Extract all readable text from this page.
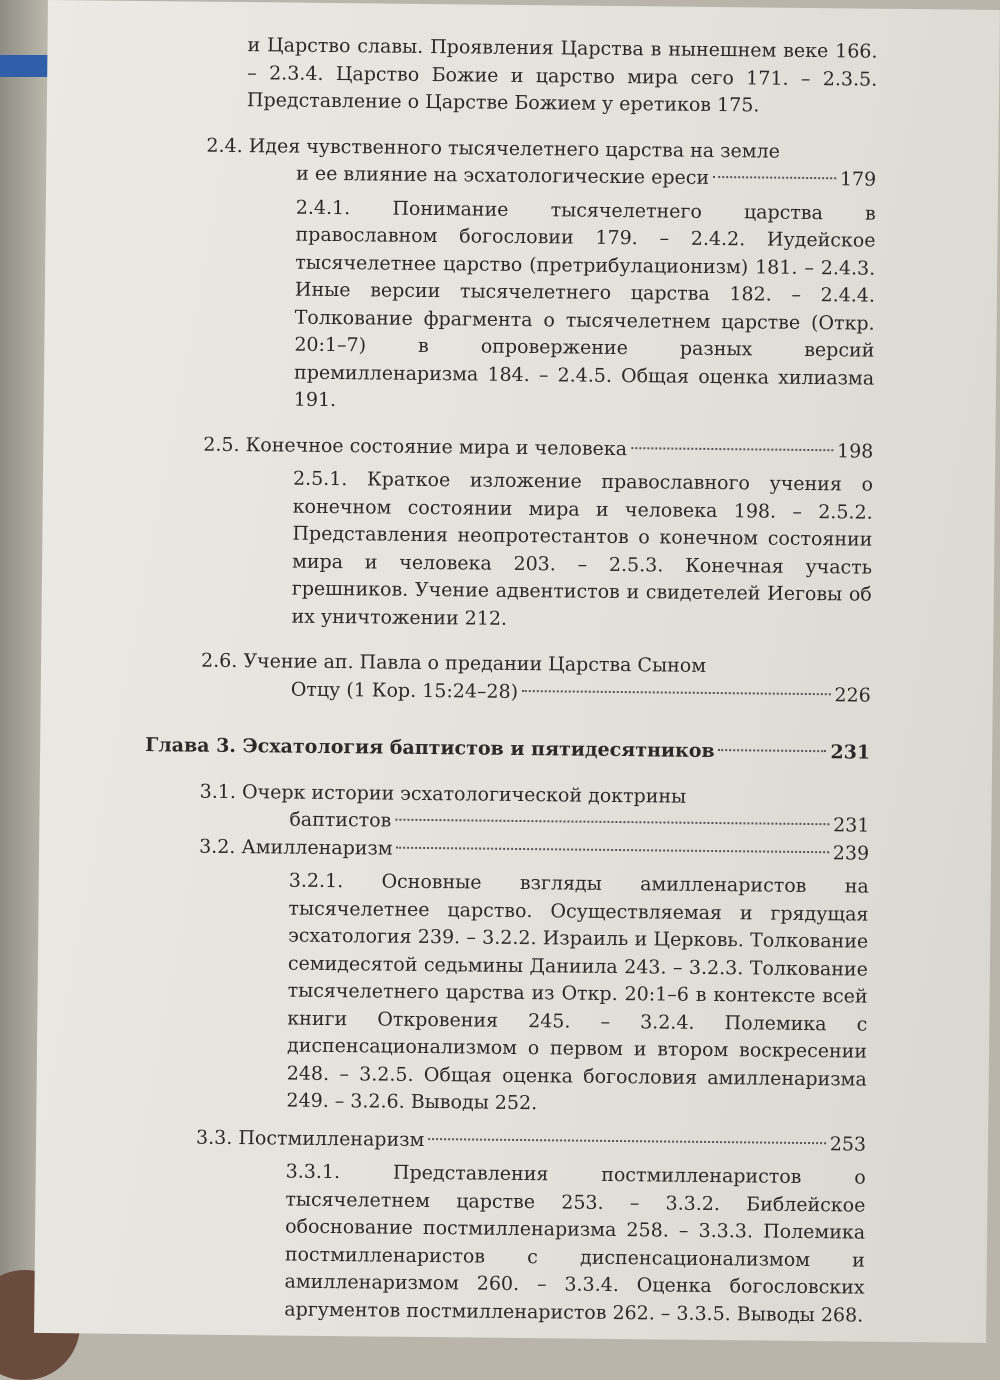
и Царство славы. Проявления Царства в нынешнем веке 166. – 2.3.4. Царство Божие и царство мира сего 171. – 2.3.5. Представление о Царстве Божием у еретиков 175.

2.4. Идея чувственного тысячелетнего царства на земле
и ее влияние на эсхатологические ереси	179

2.4.1. Понимание тысячелетнего царства в православном богословии 179. – 2.4.2. Иудейское тысячелетнее царство (претрибулационизм) 181. – 2.4.3. Иные версии тысячелетнего царства 182. – 2.4.4. Толкование фрагмента о тысячелетнем царстве (Откр. 20:1–7) в опровержение разных версий премилленаризма 184. – 2.4.5. Общая оценка хилиазма 191.

2.5. Конечное состояние мира и человека	198

2.5.1. Краткое изложение православного учения о конечном состоянии мира и человека 198. – 2.5.2. Представления неопротестантов о конечном состоянии мира и человека 203. – 2.5.3. Конечная участь грешников. Учение адвентистов и свидетелей Иеговы об их уничтожении 212.

2.6. Учение ап. Павла о предании Царства Сыном
Отцу (1 Кор. 15:24–28)	226
Глава 3. Эсхатология баптистов и пятидесятников	231
3.1. Очерк истории эсхатологической доктрины
баптистов	231
3.2. Амилленаризм	239

3.2.1. Основные взгляды амилленаристов на тысячелетнее царство. Осуществляемая и грядущая эсхатология 239. – 3.2.2. Израиль и Церковь. Толкование семидесятой седьмины Даниила 243. – 3.2.3. Толкование тысячелетнего царства из Откр. 20:1–6 в контексте всей книги Откровения 245. – 3.2.4. Полемика с диспенсационализмом о первом и втором воскресении 248. – 3.2.5. Общая оценка богословия амилленаризма 249. – 3.2.6. Выводы 252.

3.3. Постмилленаризм	253

3.3.1. Представления постмилленаристов о тысячелетнем царстве 253. – 3.3.2. Библейское обоснование постмилленаризма 258. – 3.3.3. Полемика постмилленаристов с диспенсационализмом и амилленаризмом 260. – 3.3.4. Оценка богословских аргументов постмилленаристов 262. – 3.3.5. Выводы 268.
